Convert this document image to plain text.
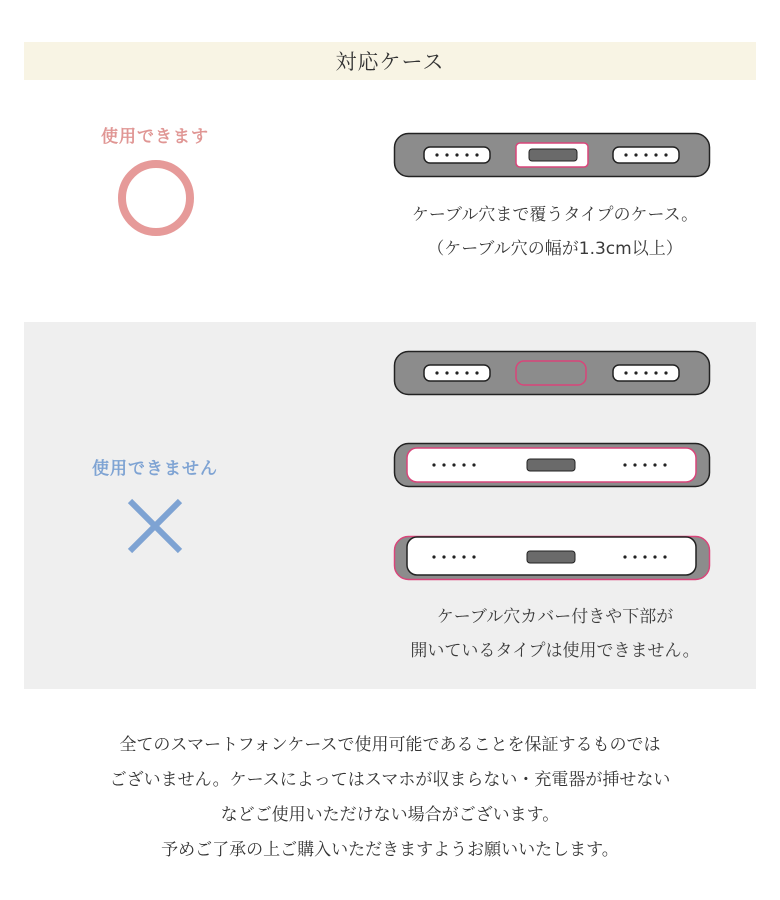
対応ケース
使用できます
ケーブル穴まで覆うタイプのケース。
（ケーブル穴の幅が1.3cm以上）
使用できません
ケーブル穴カバー付きや下部が
開いているタイプは使用できません。
全てのスマートフォンケースで使用可能であることを保証するものでは
ございません。ケースによってはスマホが収まらない・充電器が挿せない
などご使用いただけない場合がございます。
予めご了承の上ご購入いただきますようお願いいたします。
